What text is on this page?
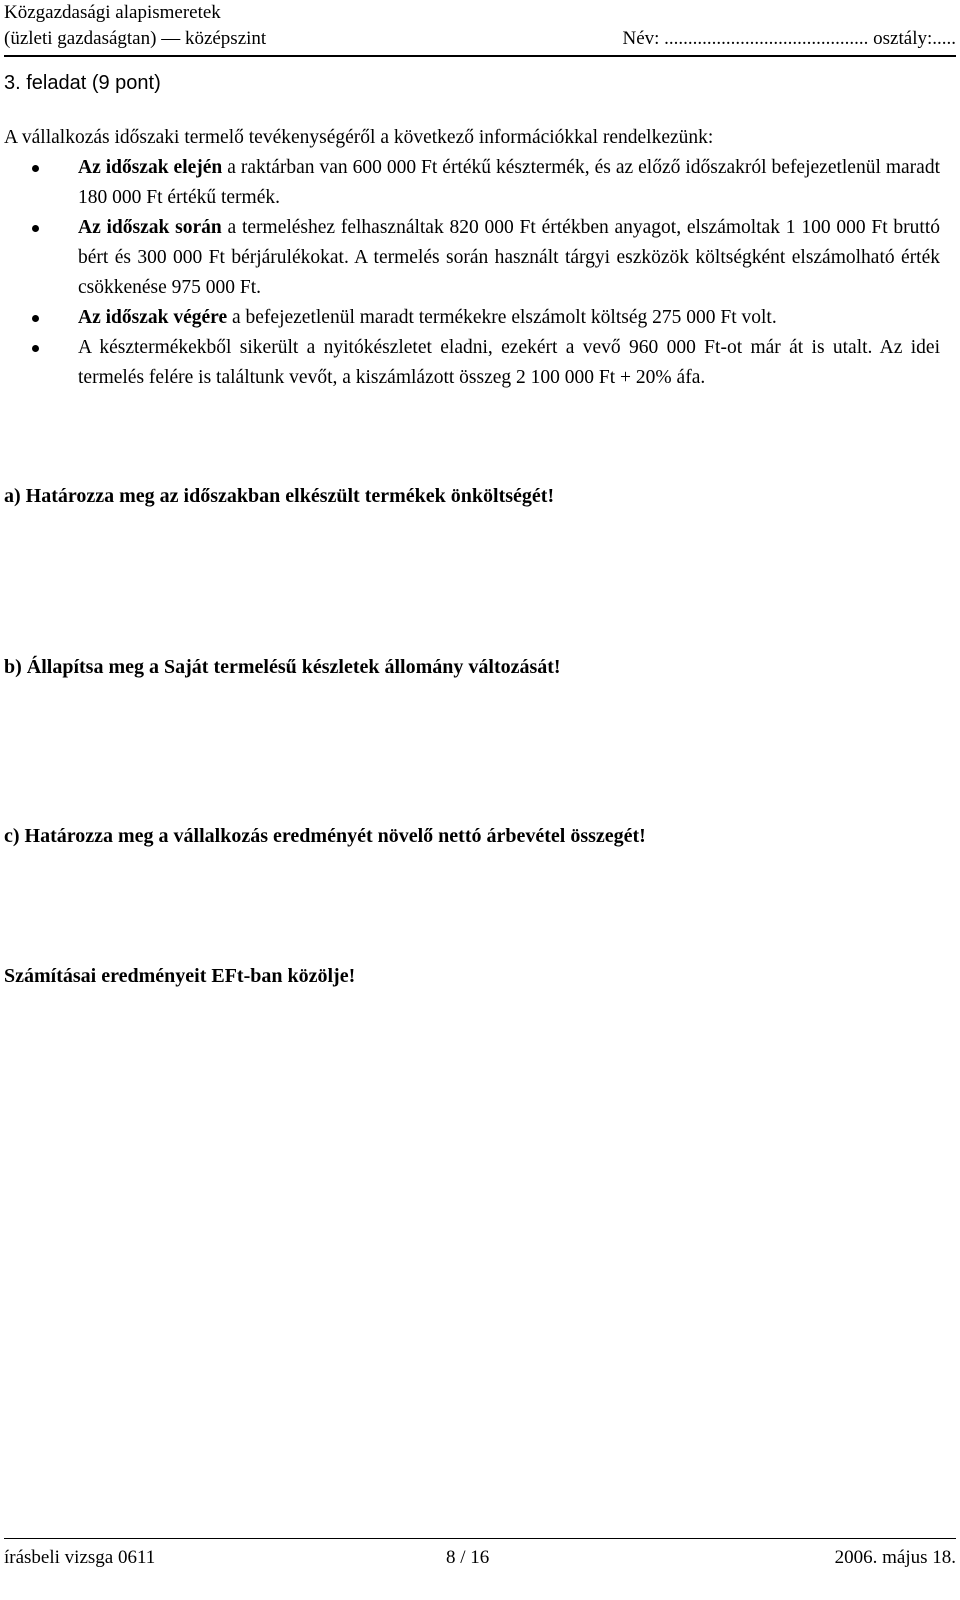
Közgazdasági alapismeretek
(üzleti gazdaságtan) — középszint	Név: ........................................... osztály:.....
3. feladat (9 pont)

A vállalkozás időszaki termelő tevékenységéről a következő információkkal rendelkezünk:

Az időszak elején a raktárban van 600 000 Ft értékű késztermék, és az előző időszakról befejezetlenül maradt 180 000 Ft értékű termék.
Az időszak során a termeléshez felhasználtak 820 000 Ft értékben anyagot, elszámoltak 1 100 000 Ft bruttó bért és 300 000 Ft bérjárulékokat. A termelés során használt tárgyi eszközök költségként elszámolható érték csökkenése 975 000 Ft.
Az időszak végére a befejezetlenül maradt termékekre elszámolt költség 275 000 Ft volt.
A késztermékekből sikerült a nyitókészletet eladni, ezekért a vevő 960 000 Ft-ot már át is utalt. Az idei termelés felére is találtunk vevőt, a kiszámlázott összeg 2 100 000 Ft + 20% áfa.
a) Határozza meg az időszakban elkészült termékek önköltségét!
b) Állapítsa meg a Saját termelésű készletek állomány változását!
c) Határozza meg a vállalkozás eredményét növelő nettó árbevétel összegét!
Számításai eredményeit EFt-ban közölje!
írásbeli vizsga 0611	8 / 16	2006. május 18.
